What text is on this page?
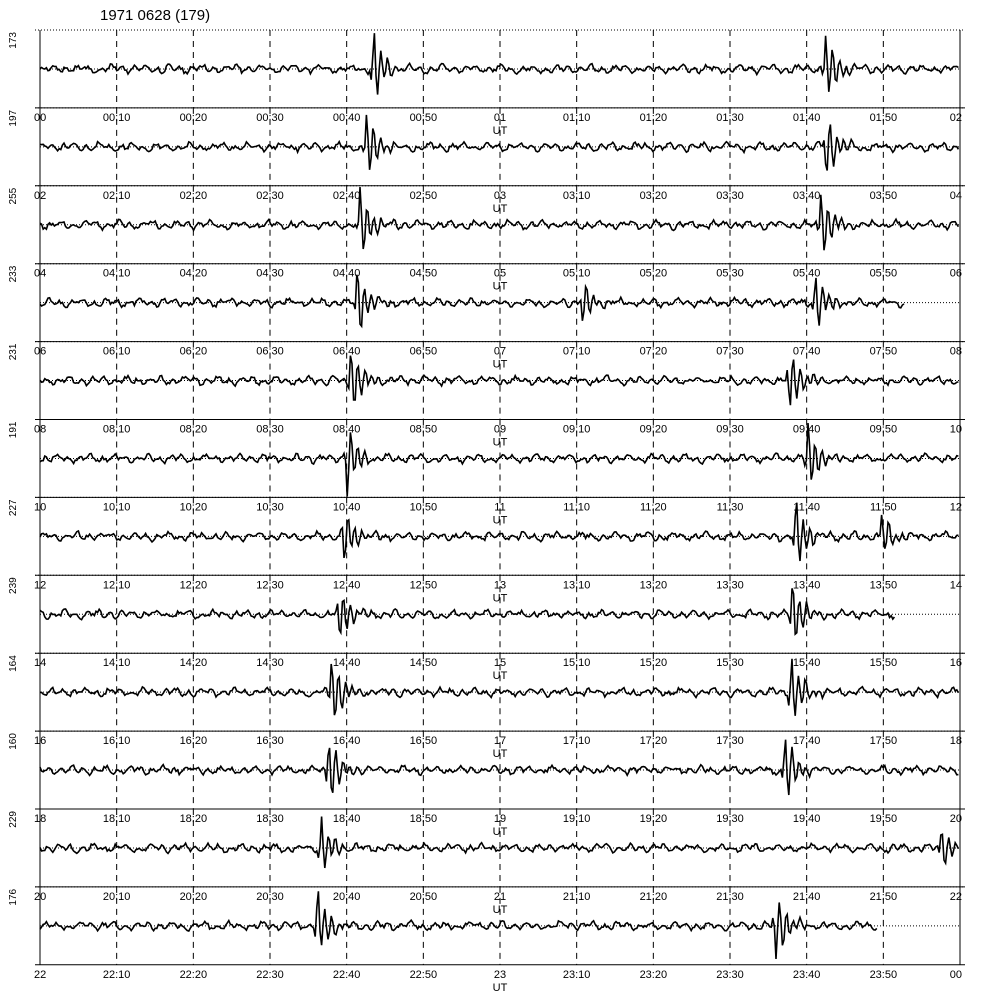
1971 0628 (179)
173
00	00:10	00:20	00:30	00:40	00:50	01	01:10	01:20	01:30	01:40	01:50	02
UT
197
02	02:10	02:20	02:30	02:40	02:50	03	03:10	03:20	03:30	03:40	03:50	04
UT
255
04	04:10	04:20	04:30	04:40	04:50	05	05:10	05:20	05:30	05:40	05:50	06
UT
233
06	06:10	06:20	06:30	06:40	06:50	07	07:10	07:20	07:30	07:40	07:50	08
UT
231
08	08:10	08:20	08:30	08:40	08:50	09	09:10	09:20	09:30	09:40	09:50	10
UT
191
10	10:10	10:20	10:30	10:40	10:50	11	11:10	11:20	11:30	11:40	11:50	12
UT
227
12	12:10	12:20	12:30	12:40	12:50	13	13:10	13:20	13:30	13:40	13:50	14
UT
239
14	14:10	14:20	14:30	14:40	14:50	15	15:10	15:20	15:30	15:40	15:50	16
UT
164
16	16:10	16:20	16:30	16:40	16:50	17	17:10	17:20	17:30	17:40	17:50	18
UT
160
18	18:10	18:20	18:30	18:40	18:50	19	19:10	19:20	19:30	19:40	19:50	20
UT
229
20	20:10	20:20	20:30	20:40	20:50	21	21:10	21:20	21:30	21:40	21:50	22
UT
176
22	22:10	22:20	22:30	22:40	22:50	23	23:10	23:20	23:30	23:40	23:50	00
UT
